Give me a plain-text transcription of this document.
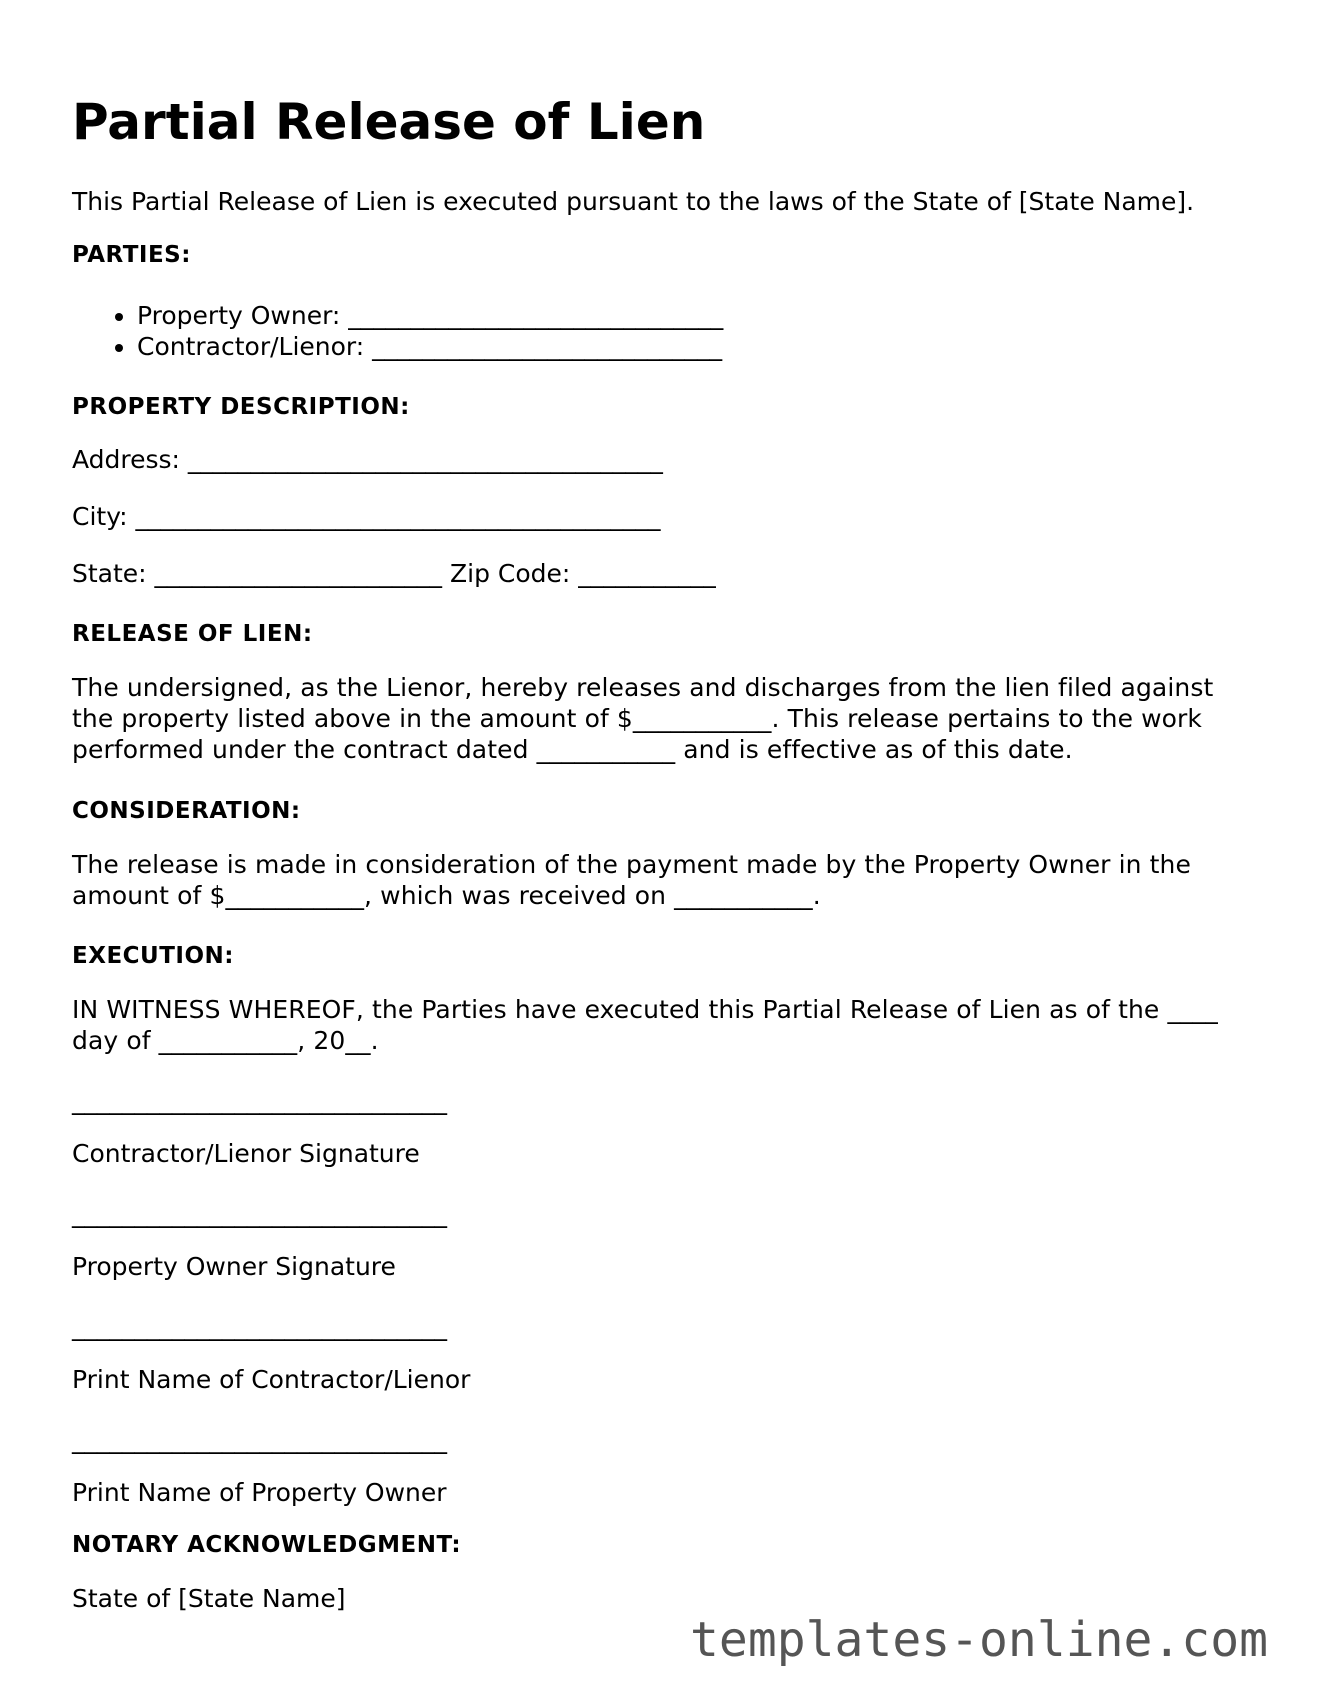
Partial Release of Lien

This Partial Release of Lien is executed pursuant to the laws of the State of [State Name].

PARTIES:

• Property Owner: ______________________________
• Contractor/Lienor: ____________________________

PROPERTY DESCRIPTION:

Address: ______________________________________

City: __________________________________________

State: _______________________ Zip Code: ___________

RELEASE OF LIEN:

The undersigned, as the Lienor, hereby releases and discharges from the lien filed against

the property listed above in the amount of $___________. This release pertains to the work

performed under the contract dated ___________ and is effective as of this date.

CONSIDERATION:

The release is made in consideration of the payment made by the Property Owner in the

amount of $___________, which was received on ___________.

EXECUTION:

IN WITNESS WHEREOF, the Parties have executed this Partial Release of Lien as of the ____

day of ___________, 20__.

______________________________

Contractor/Lienor Signature

______________________________

Property Owner Signature

______________________________

Print Name of Contractor/Lienor

______________________________

Print Name of Property Owner

NOTARY ACKNOWLEDGMENT:

State of [State Name]

templates-online.com
